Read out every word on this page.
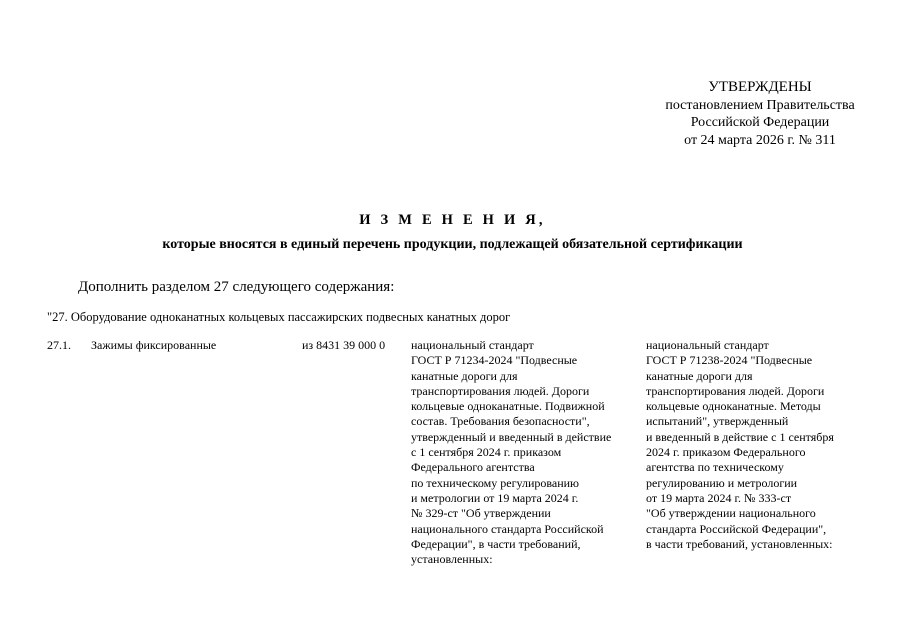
УТВЕРЖДЕНЫ
постановлением Правительства
Российской Федерации
от 24 марта 2026 г. № 311
И З М Е Н Е Н И Я,
которые вносятся в единый перечень продукции, подлежащей обязательной сертификации
Дополнить разделом 27 следующего содержания:
"27. Оборудование одноканатных кольцевых пассажирских подвесных канатных дорог
27.1. Зажимы фиксированные	из 8431 39 000 0 национальный стандарт
ГОСТ Р 71234-2024 "Подвесные
канатные дороги для
транспортирования людей. Дороги
кольцевые одноканатные. Подвижной
состав. Требования безопасности",
утвержденный и введенный в действие
с 1 сентября 2024 г. приказом
Федерального агентства
по техническому регулированию
и метрологии от 19 марта 2024 г.
№ 329-ст "Об утверждении
национального стандарта Российской
Федерации", в части требований,
установленных:
национальный стандарт
ГОСТ Р 71238-2024 "Подвесные
канатные дороги для
транспортирования людей. Дороги
кольцевые одноканатные. Методы
испытаний", утвержденный
и введенный в действие с 1 сентября
2024 г. приказом Федерального
агентства по техническому
регулированию и метрологии
от 19 марта 2024 г. № 333-ст
"Об утверждении национального
стандарта Российской Федерации",
в части требований, установленных:
